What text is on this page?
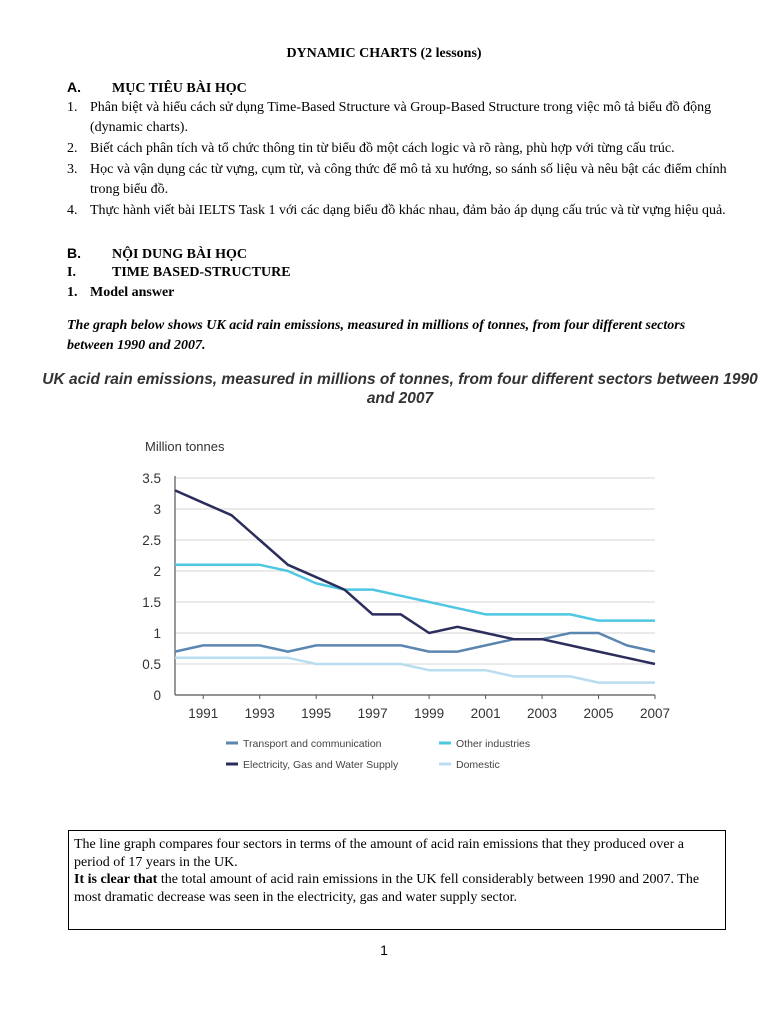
DYNAMIC CHARTS (2 lessons)
A. MỤC TIÊU BÀI HỌC
1. Phân biệt và hiểu cách sử dụng Time-Based Structure và Group-Based Structure trong việc mô tả biểu đồ động (dynamic charts).
2. Biết cách phân tích và tổ chức thông tin từ biểu đồ một cách logic và rõ ràng, phù hợp với từng cấu trúc.
3. Học và vận dụng các từ vựng, cụm từ, và công thức để mô tả xu hướng, so sánh số liệu và nêu bật các điểm chính trong biểu đồ.
4. Thực hành viết bài IELTS Task 1 với các dạng biểu đồ khác nhau, đảm bảo áp dụng cấu trúc và từ vựng hiệu quả.
B. NỘI DUNG BÀI HỌC
I.	TIME BASED-STRUCTURE
1. Model answer
The graph below shows UK acid rain emissions, measured in millions of tonnes, from four different sectors between 1990 and 2007.
UK acid rain emissions, measured in millions of tonnes, from four different sectors between 1990 and 2007
Million tonnes
0
0.5
1
1.5
2
2.5
3
3.5
1991 1993 1995 1997 1999 2001 2003 2005 2007
Transport and communication	Other industries
Electricity, Gas and Water Supply	Domestic
The line graph compares four sectors in terms of the amount of acid rain emissions that they produced over a period of 17 years in the UK.
It is clear that the total amount of acid rain emissions in the UK fell considerably between 1990 and 2007. The most dramatic decrease was seen in the electricity, gas and water supply sector.
1
